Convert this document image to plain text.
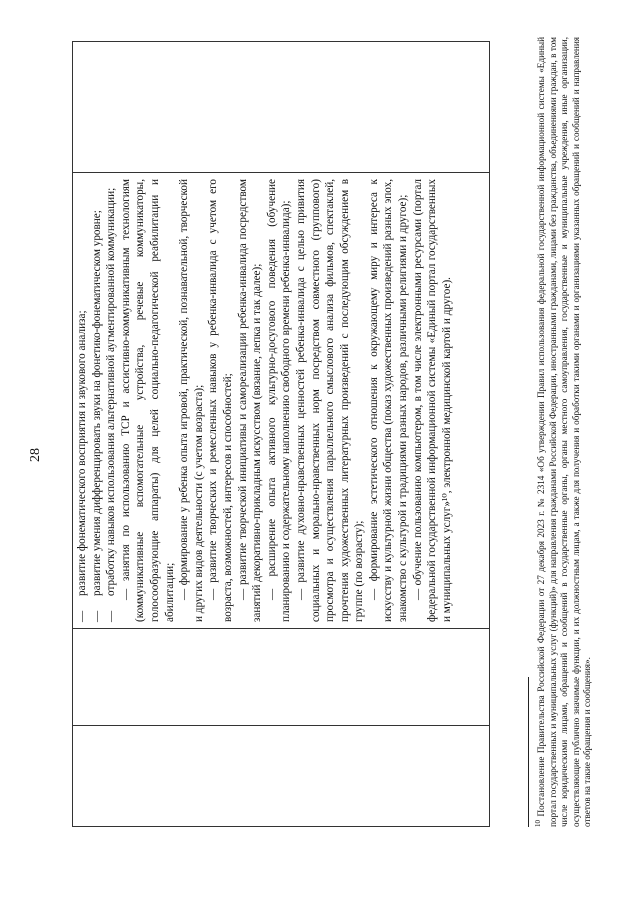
28

—развитие фонематического восприятия и звукового анализа;
—развитие умения дифференцировать звуки на фонетико-фонематическом уровне;
—отработку навыков использования альтернативной аугментированной коммуникации; — занятия по использованию ТСР и ассистивно-коммуникативным технологиям (коммуникативные вспомогательные устройства, речевые коммуникаторы, голосообразующие аппараты) для целей социально-педагогической реабилитации и абилитации; — формирование у ребенка опыта игровой, практической, познавательной, творческой и других видов деятельности (с учетом возраста); — развитие творческих и ремесленных навыков у ребенка-инвалида с учетом его возраста, возможностей, интересов и способностей; — развитие творческой инициативы и самореализации ребенка-инвалида посредством занятий декоративно-прикладным искусством (вязание, лепка и так далее); — расширение опыта активного культурно-досугового поведения (обучение планированию и содержательному наполнению свободного времени ребенка-инвалида); — развитие духовно-нравственных ценностей ребенка-инвалида с целью привития социальных и морально-нравственных норм посредством совместного (группового) просмотра и осуществления параллельного смыслового анализа фильмов, спектаклей, прочтения художественных литературных произведений с последующим обсуждением в группе (по возрасту); — формирование эстетического отношения к окружающему миру и интереса к искусству и культурной жизни общества (показ художественных произведений разных эпох, знакомство с культурой и традициями разных народов, различными религиями и другое); — обучение пользованию компьютером, в том числе электронными ресурсами (портал федеральной государственной информационной системы «Единый портал государственных и муниципальных услуг»¹⁰, электронной медицинской картой и другое).

$^{10}$ Постановление Правительства Российской Федерации от 27 декабря 2023 г. № 2314 «Об утверждении Правил использования федеральной государственной информационной системы «Единый портал государственных и муниципальных услуг (функций)» для направления гражданами Российской Федерации, иностранными гражданами, лицами без гражданства, объединениями граждан, в том числе юридическими лицами, обращений и сообщений в государственные органы, органы местного самоуправления, государственные и муниципальные учреждения, иные организации, осуществляющие публично значимые функции, и их должностным лицам, а также для получения и обработки такими органами и организациями указанных обращений и сообщений и направления ответов на такие обращения и сообщения».
